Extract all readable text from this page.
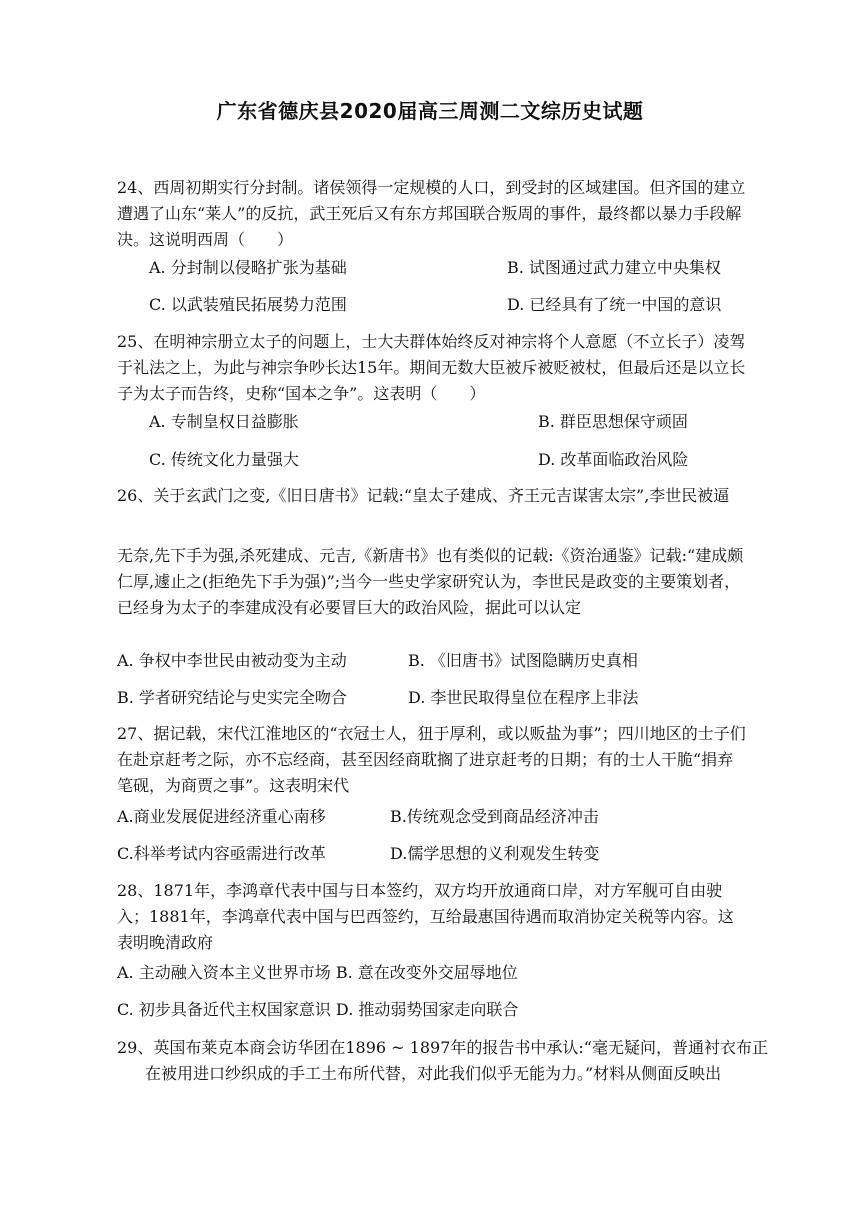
广东省德庆县2020届高三周测二文综历史试题
24、西周初期实行分封制。诸侯领得一定规模的人口，到受封的区域建国。但齐国的建立遭遇了山东“莱人”的反抗，武王死后又有东方邦国联合叛周的事件，最终都以暴力手段解决。这说明西周（　　）
A. 分封制以侵略扩张为基础	B. 试图通过武力建立中央集权
C. 以武装殖民拓展势力范围	D. 已经具有了统一中国的意识
25、在明神宗册立太子的问题上，士大夫群体始终反对神宗将个人意愿（不立长子）凌驾于礼法之上，为此与神宗争吵长达15年。期间无数大臣被斥被贬被杖，但最后还是以立长子为太子而告终，史称“国本之争”。这表明（　　）
A. 专制皇权日益膨胀	B. 群臣思想保守顽固
C. 传统文化力量强大	D. 改革面临政治风险
26、关于玄武门之变,《旧日唐书》记载:“皇太子建成、齐王元吉谋害太宗”,李世民被逼
无奈,先下手为强,杀死建成、元吉,《新唐书》也有类似的记载:《资治通鉴》记载:“建成颇仁厚,遽止之(拒绝先下手为强)”;当今一些史学家研究认为，李世民是政变的主要策划者，已经身为太子的李建成没有必要冒巨大的政治风险，据此可以认定
A. 争权中李世民由被动变为主动	B. 《旧唐书》试图隐瞒历史真相
B. 学者研究结论与史实完全吻合	D. 李世民取得皇位在程序上非法
27、据记载，宋代江淮地区的“衣冠士人，狃于厚利，或以贩盐为事”；四川地区的士子们在赴京赶考之际，亦不忘经商，甚至因经商耽搁了进京赶考的日期；有的士人干脆“捐弃笔砚，为商贾之事”。这表明宋代
A.商业发展促进经济重心南移	B.传统观念受到商品经济冲击
C.科举考试内容亟需进行改革	D.儒学思想的义利观发生转变
28、1871年，李鸿章代表中国与日本签约，双方均开放通商口岸，对方军舰可自由驶入；1881年，李鸿章代表中国与巴西签约，互给最惠国待遇而取消协定关税等内容。这表明晚清政府
A. 主动融入资本主义世界市场 B. 意在改变外交屈辱地位
C. 初步具备近代主权国家意识 D. 推动弱势国家走向联合
29、英国布莱克本商会访华团在1896 ~ 1897年的报告书中承认:“毫无疑问，普通衬衣布正在被用进口纱织成的手工土布所代替，对此我们似乎无能为力。”材料从侧面反映出
